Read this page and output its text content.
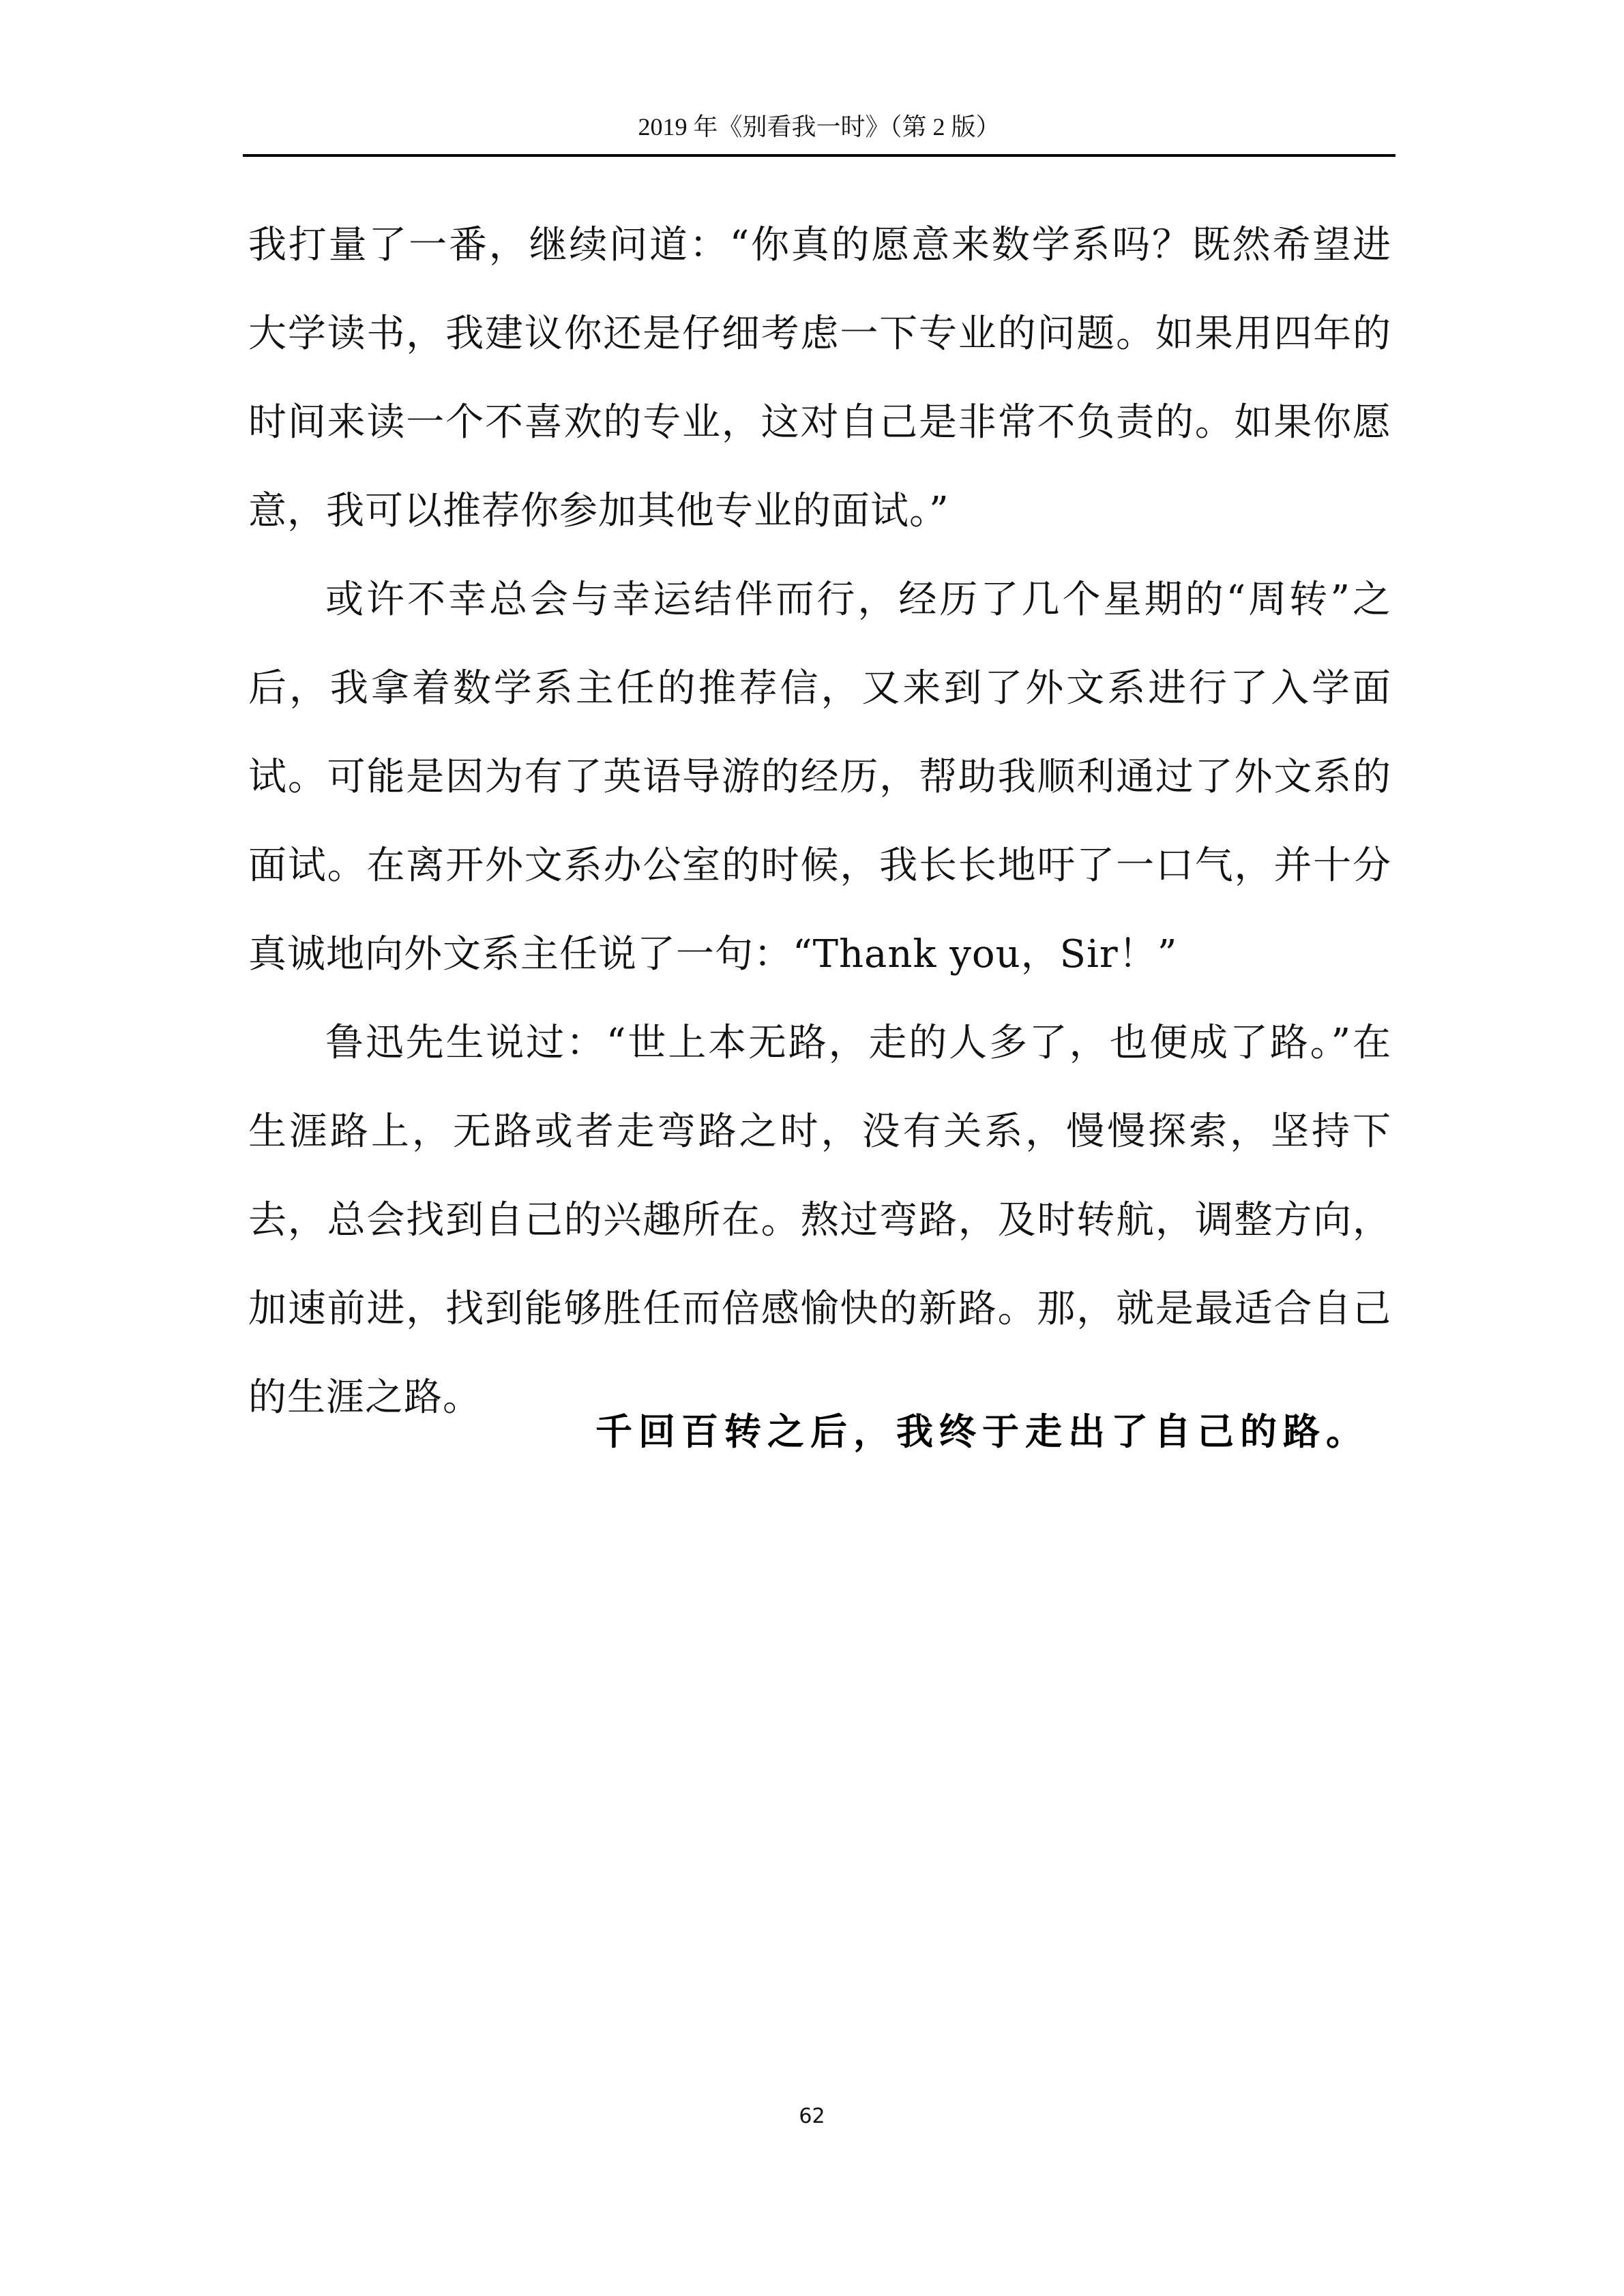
2019 年《别看我一时》（第 2 版）

我打量了一番，继续问道：“你真的愿意来数学系吗？既然希望进大学读书，我建议你还是仔细考虑一下专业的问题。如果用四年的时间来读一个不喜欢的专业，这对自己是非常不负责的。如果你愿意，我可以推荐你参加其他专业的面试。”

或许不幸总会与幸运结伴而行，经历了几个星期的“周转”之后，我拿着数学系主任的推荐信，又来到了外文系进行了入学面试。可能是因为有了英语导游的经历，帮助我顺利通过了外文系的面试。在离开外文系办公室的时候，我长长地吁了一口气，并十分真诚地向外文系主任说了一句：“Thank you，Sir！”

鲁迅先生说过：“世上本无路，走的人多了，也便成了路。”在生涯路上，无路或者走弯路之时，没有关系，慢慢探索，坚持下去，总会找到自己的兴趣所在。熬过弯路，及时转航，调整方向，加速前进，找到能够胜任而倍感愉快的新路。那，就是最适合自己的生涯之路。

千回百转之后，我终于走出了自己的路。
62
